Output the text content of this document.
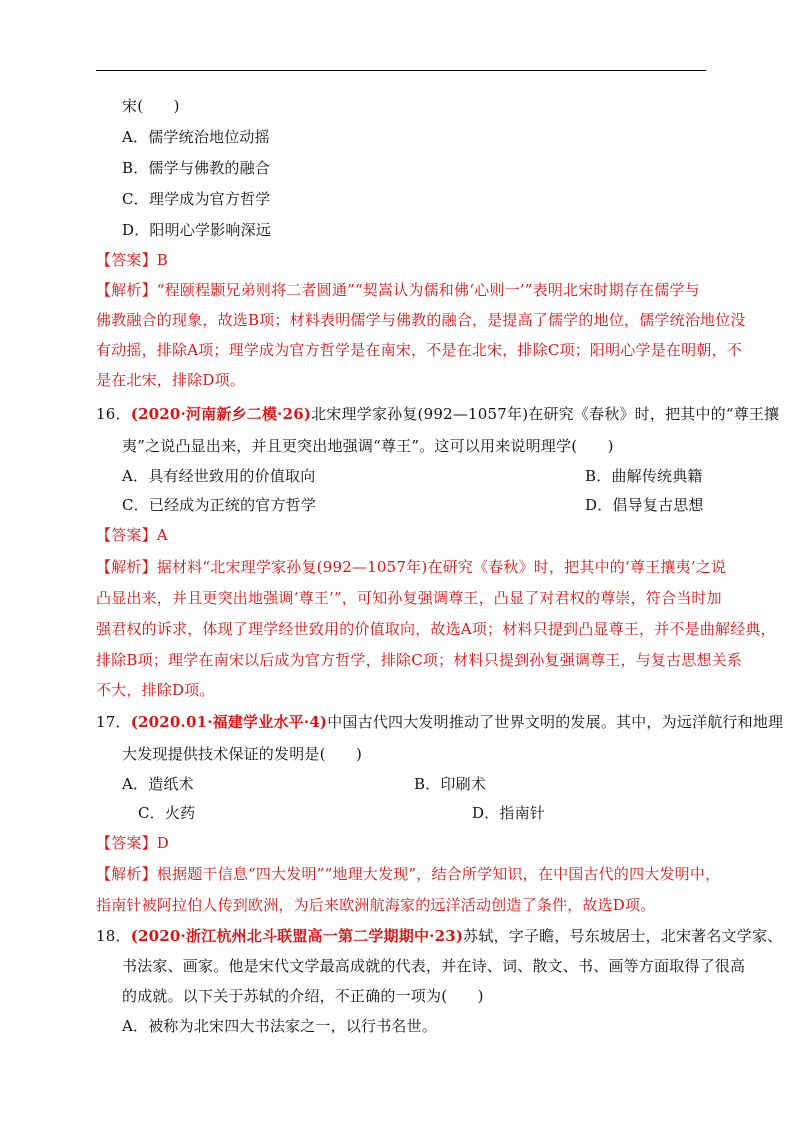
宋(　　)
A．儒学统治地位动摇
B．儒学与佛教的融合
C．理学成为官方哲学
D．阳明心学影响深远
【答案】B
【解析】“程颐程颢兄弟则将二者圆通”“契嵩认为儒和佛‘心则一’”表明北宋时期存在儒学与
佛教融合的现象，故选B项；材料表明儒学与佛教的融合，是提高了儒学的地位，儒学统治地位没
有动摇，排除A项；理学成为官方哲学是在南宋，不是在北宋，排除C项；阳明心学是在明朝，不
是在北宋，排除D项。
16．(2020·河南新乡二模·26)北宋理学家孙复(992—1057年)在研究《春秋》时，把其中的“尊王攘
夷”之说凸显出来，并且更突出地强调“尊王”。这可以用来说明理学(　　)
A．具有经世致用的价值取向	B．曲解传统典籍
C．已经成为正统的官方哲学	D．倡导复古思想
【答案】A
【解析】据材料“北宋理学家孙复(992—1057年)在研究《春秋》时，把其中的‘尊王攘夷’之说
凸显出来，并且更突出地强调‘尊王’”，可知孙复强调尊王，凸显了对君权的尊崇，符合当时加
强君权的诉求，体现了理学经世致用的价值取向，故选A项；材料只提到凸显尊王，并不是曲解经典，
排除B项；理学在南宋以后成为官方哲学，排除C项；材料只提到孙复强调尊王，与复古思想关系
不大，排除D项。
17．(2020.01·福建学业水平·4)中国古代四大发明推动了世界文明的发展。其中，为远洋航行和地理
大发现提供技术保证的发明是(　　)
A．造纸术	B．印刷术
C．火药	D．指南针
【答案】D
【解析】根据题干信息“四大发明”“地理大发现”，结合所学知识，在中国古代的四大发明中，
指南针被阿拉伯人传到欧洲，为后来欧洲航海家的远洋活动创造了条件，故选D项。
18．(2020·浙江杭州北斗联盟高一第二学期期中·23)苏轼，字子瞻，号东坡居士，北宋著名文学家、
书法家、画家。他是宋代文学最高成就的代表，并在诗、词、散文、书、画等方面取得了很高
的成就。以下关于苏轼的介绍，不正确的一项为(　　)
A．被称为北宋四大书法家之一，以行书名世。
